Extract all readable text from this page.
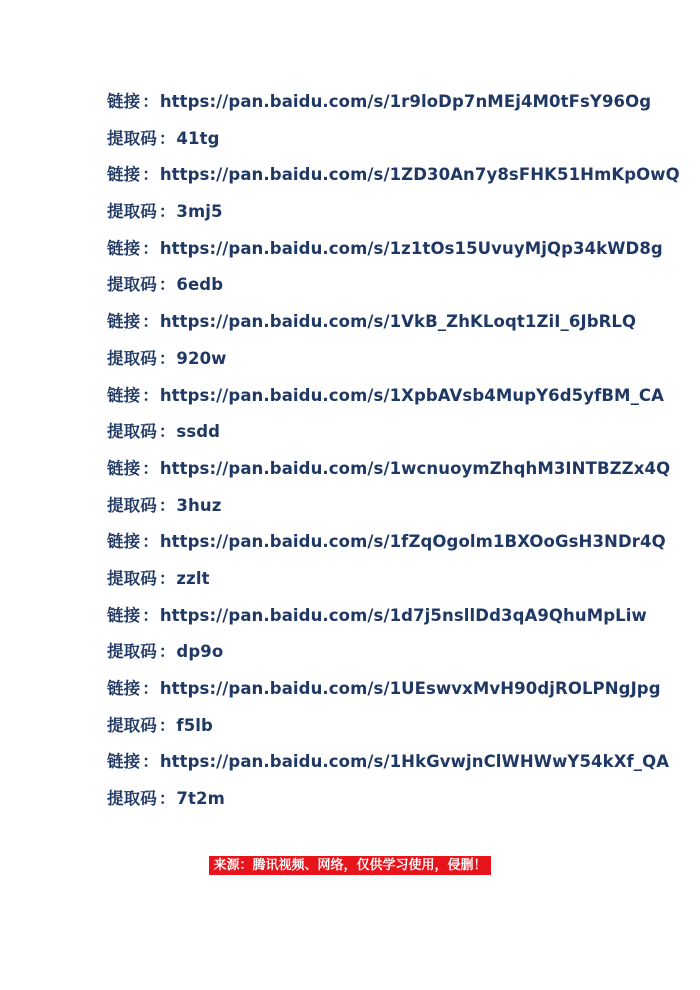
链接 ：https://pan.baidu.com/s/1r9loDp7nMEj4M0tFsY96Og
提取码 ：41tg
链接 ：https://pan.baidu.com/s/1ZD30An7y8sFHK51HmKpOwQ
提取码 ：3mj5
链接 ：https://pan.baidu.com/s/1z1tOs15UvuyMjQp34kWD8g
提取码 ：6edb
链接 ：https://pan.baidu.com/s/1VkB_ZhKLoqt1ZiI_6JbRLQ
提取码 ：920w
链接 ：https://pan.baidu.com/s/1XpbAVsb4MupY6d5yfBM_CA
提取码 ：ssdd
链接 ：https://pan.baidu.com/s/1wcnuoymZhqhM3INTBZZx4Q
提取码 ：3huz
链接 ：https://pan.baidu.com/s/1fZqOgolm1BXOoGsH3NDr4Q
提取码 ：zzlt
链接 ：https://pan.baidu.com/s/1d7j5nsllDd3qA9QhuMpLiw
提取码 ：dp9o
链接 ：https://pan.baidu.com/s/1UEswvxMvH90djROLPNgJpg
提取码 ：f5lb
链接 ：https://pan.baidu.com/s/1HkGvwjnClWHWwY54kXf_QA
提取码 ：7t2m
来源：腾讯视频、网络，仅供学习使用，侵删！
